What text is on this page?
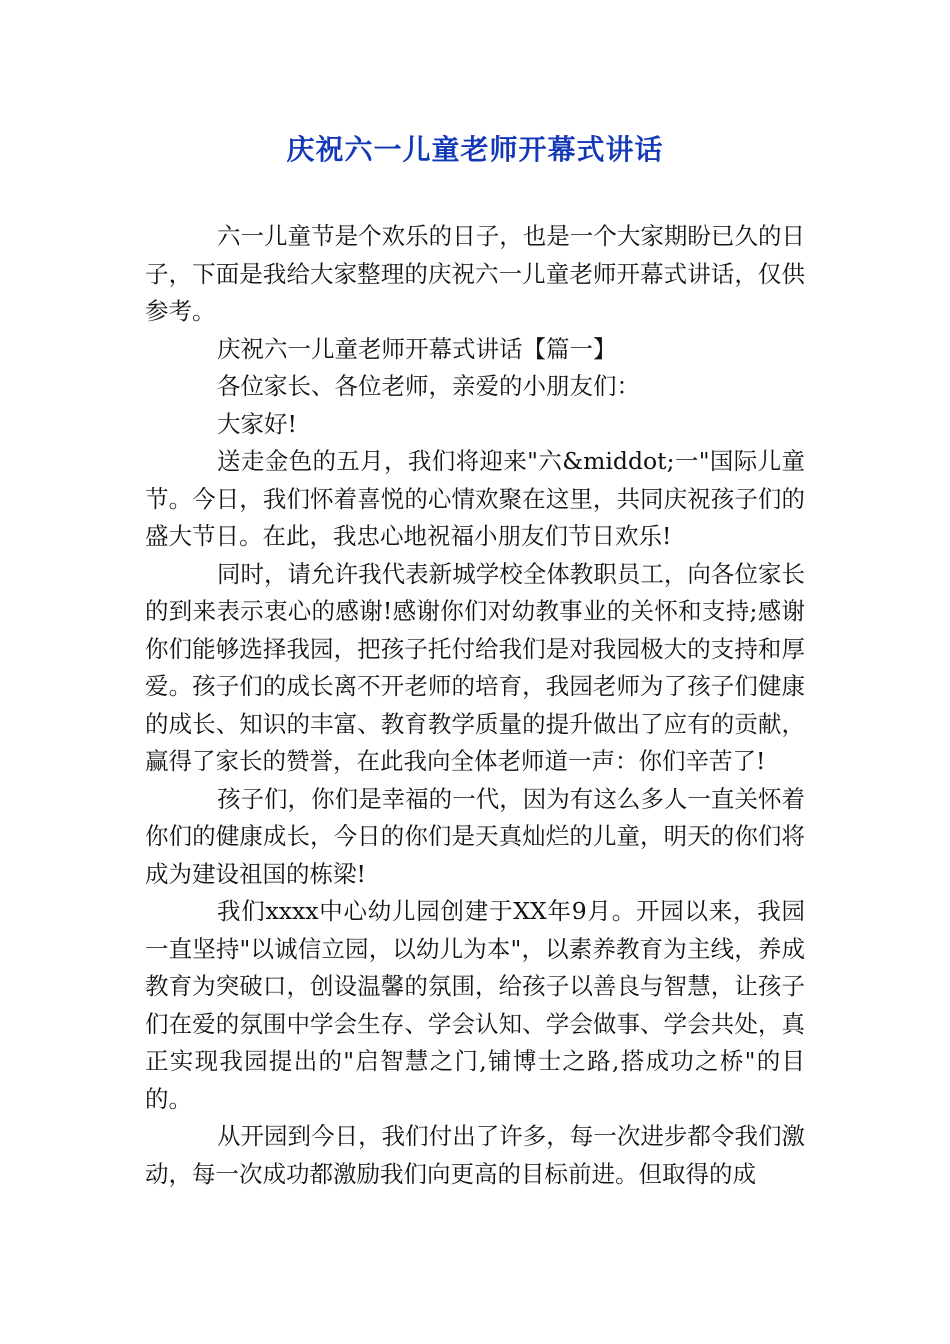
庆祝六一儿童老师开幕式讲话

六一儿童节是个欢乐的日子，也是一个大家期盼已久的日子，下面是我给大家整理的庆祝六一儿童老师开幕式讲话，仅供参考。

庆祝六一儿童老师开幕式讲话【篇一】

各位家长、各位老师，亲爱的小朋友们：

大家好!

送走金色的五月，我们将迎来"六&middot;一"国际儿童节。今日，我们怀着喜悦的心情欢聚在这里，共同庆祝孩子们的盛大节日。在此，我忠心地祝福小朋友们节日欢乐!

同时，请允许我代表新城学校全体教职员工，向各位家长的到来表示衷心的感谢!感谢你们对幼教事业的关怀和支持;感谢你们能够选择我园，把孩子托付给我们是对我园极大的支持和厚爱。孩子们的成长离不开老师的培育，我园老师为了孩子们健康的成长、知识的丰富、教育教学质量的提升做出了应有的贡献，赢得了家长的赞誉，在此我向全体老师道一声：你们辛苦了!

孩子们，你们是幸福的一代，因为有这么多人一直关怀着你们的健康成长，今日的你们是天真灿烂的儿童，明天的你们将成为建设祖国的栋梁!

我们xxxx中心幼儿园创建于XX年9月。开园以来，我园一直坚持"以诚信立园，以幼儿为本"，以素养教育为主线，养成教育为突破口，创设温馨的氛围，给孩子以善良与智慧，让孩子们在爱的氛围中学会生存、学会认知、学会做事、学会共处，真正实现我园提出的"启智慧之门,铺博士之路,搭成功之桥"的目的。

从开园到今日，我们付出了许多，每一次进步都令我们激动，每一次成功都激励我们向更高的目标前进。但取得的成
